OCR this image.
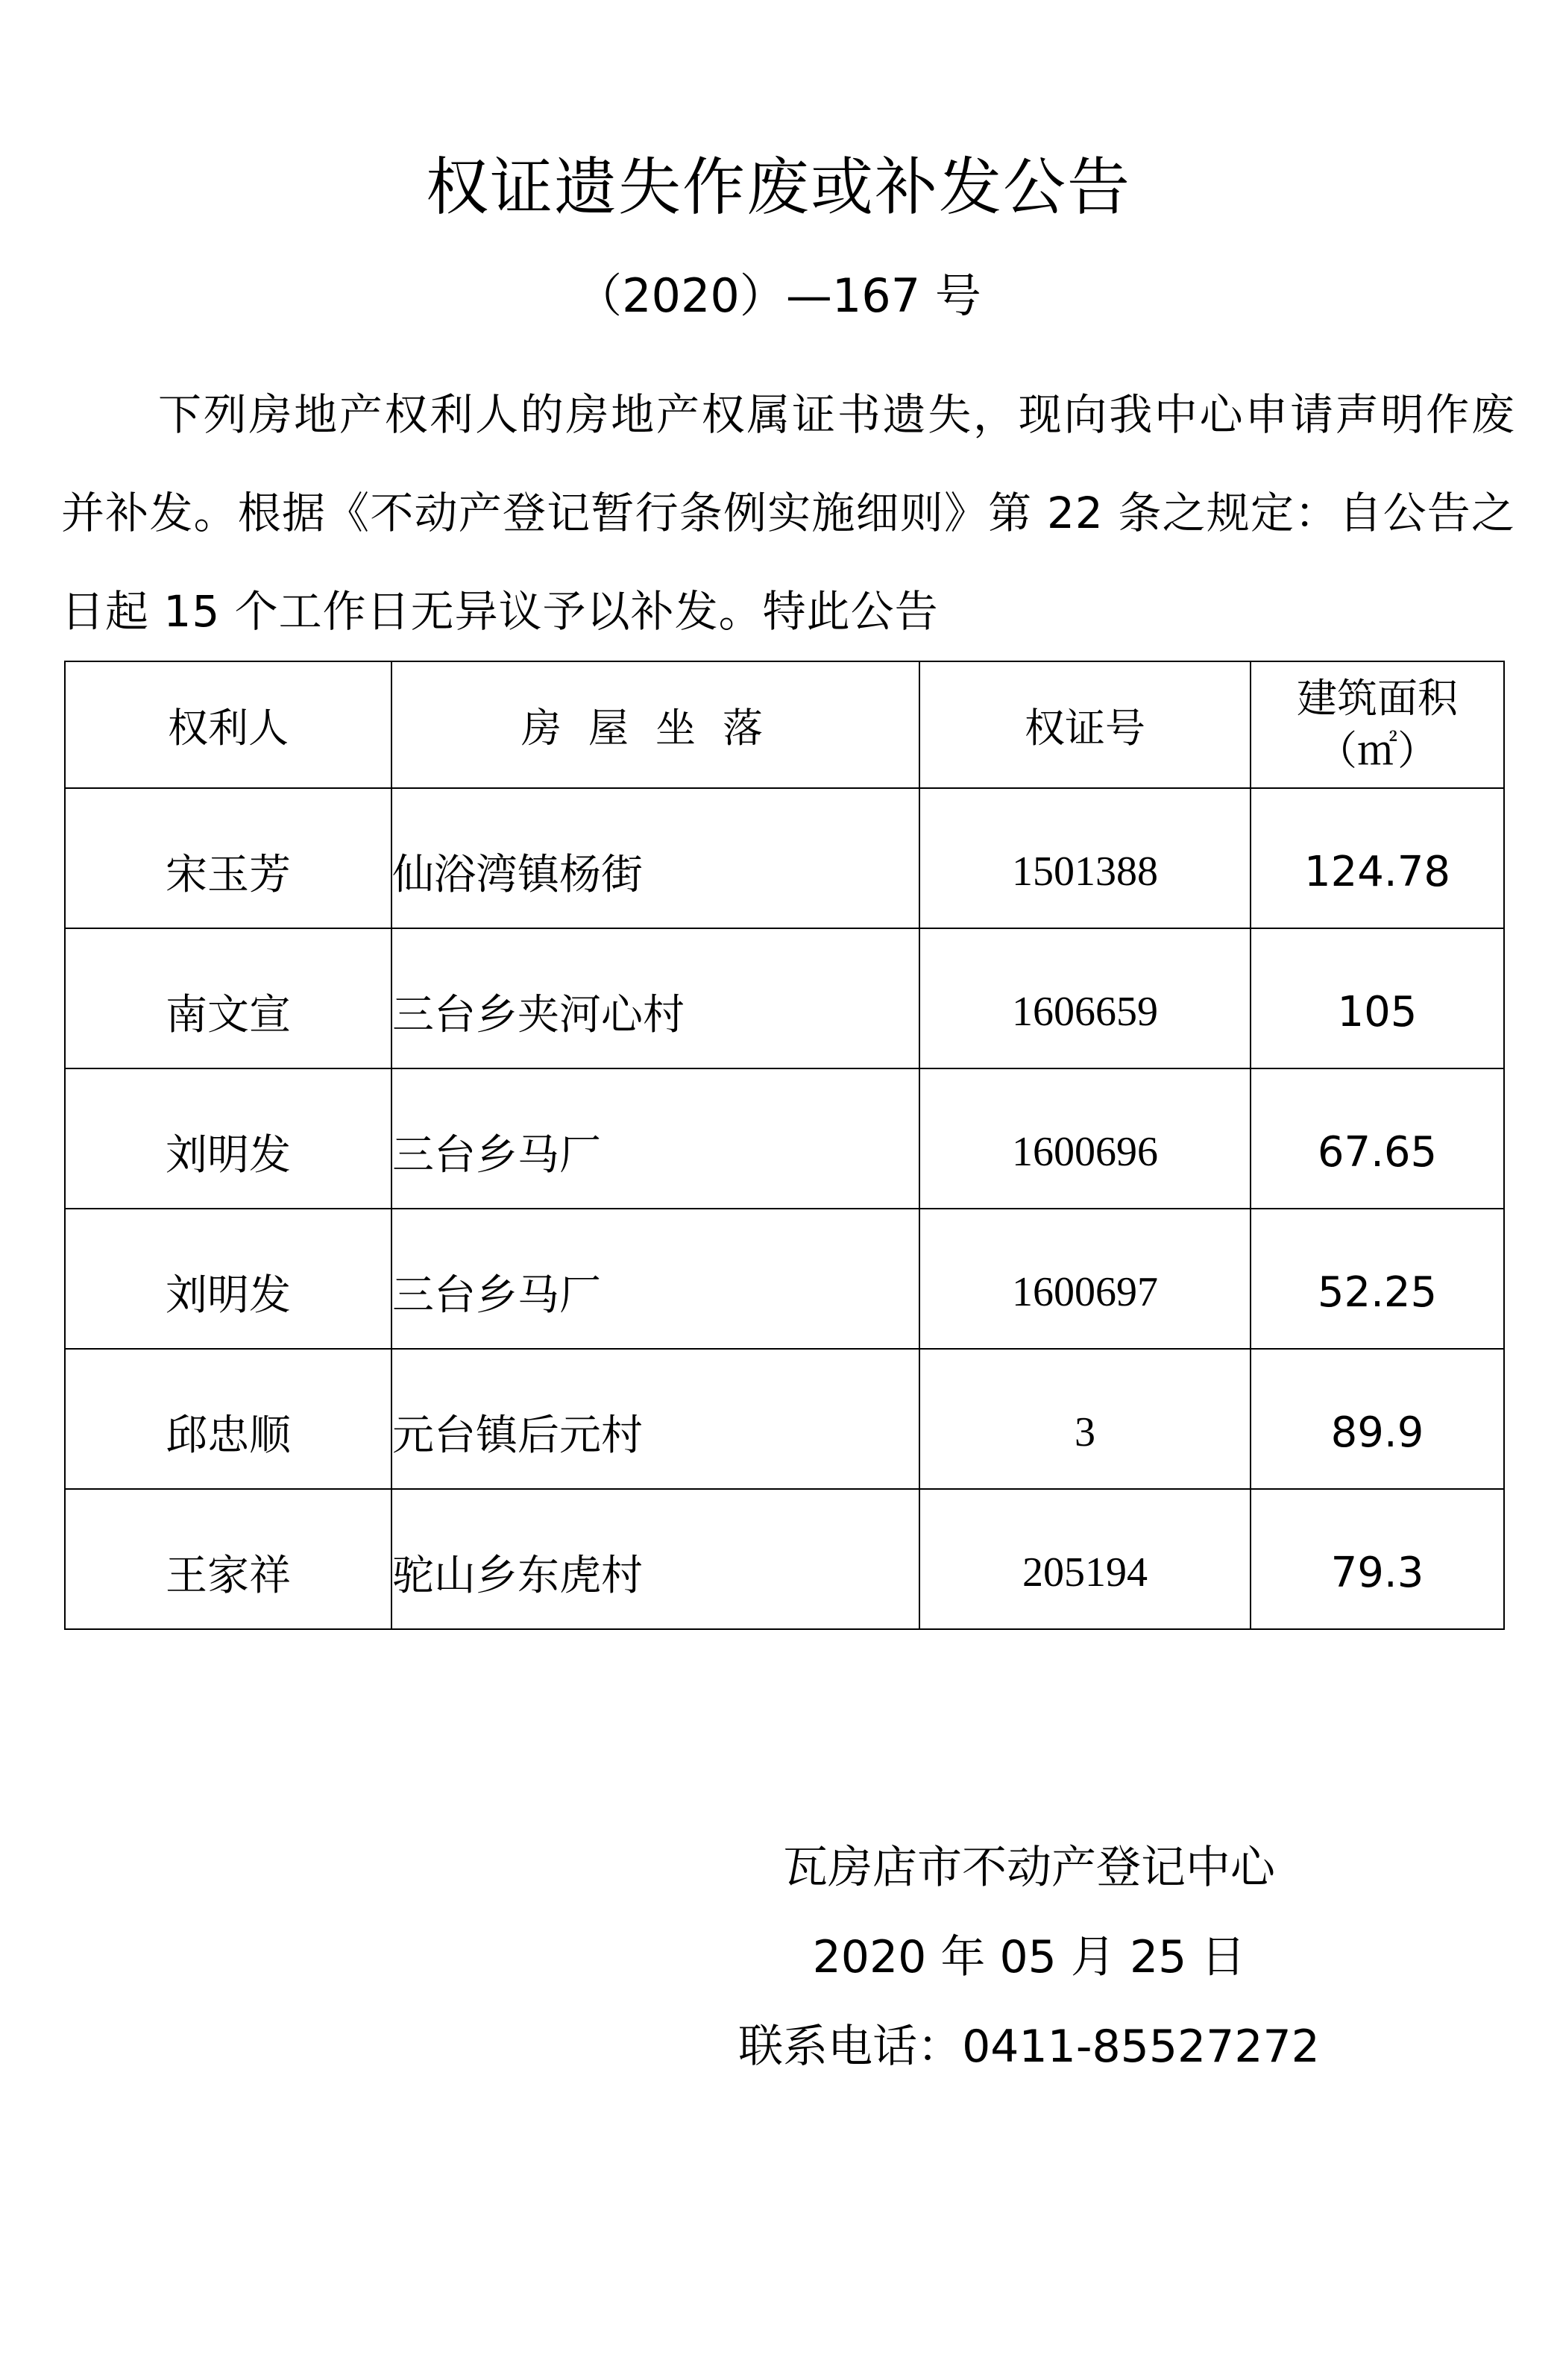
权证遗失作废或补发公告
（2020）—167 号
下列房地产权利人的房地产权属证书遗失，现向我中心申请声明作废并补发。根据《不动产登记暂行条例实施细则》第 22 条之规定：自公告之日起 15 个工作日无异议予以补发。特此公告
权利人	房屋坐落	权证号	建筑面积
（㎡）

宋玉芳	仙浴湾镇杨街	1501388	124.78
南文宣	三台乡夹河心村	1606659	105
刘明发	三台乡马厂	1600696	67.65
刘明发	三台乡马厂	1600697	52.25
邱忠顺	元台镇后元村	3	89.9
王家祥	驼山乡东虎村	205194	79.3
瓦房店市不动产登记中心
2020 年 05 月 25 日
联系电话：0411-85527272
